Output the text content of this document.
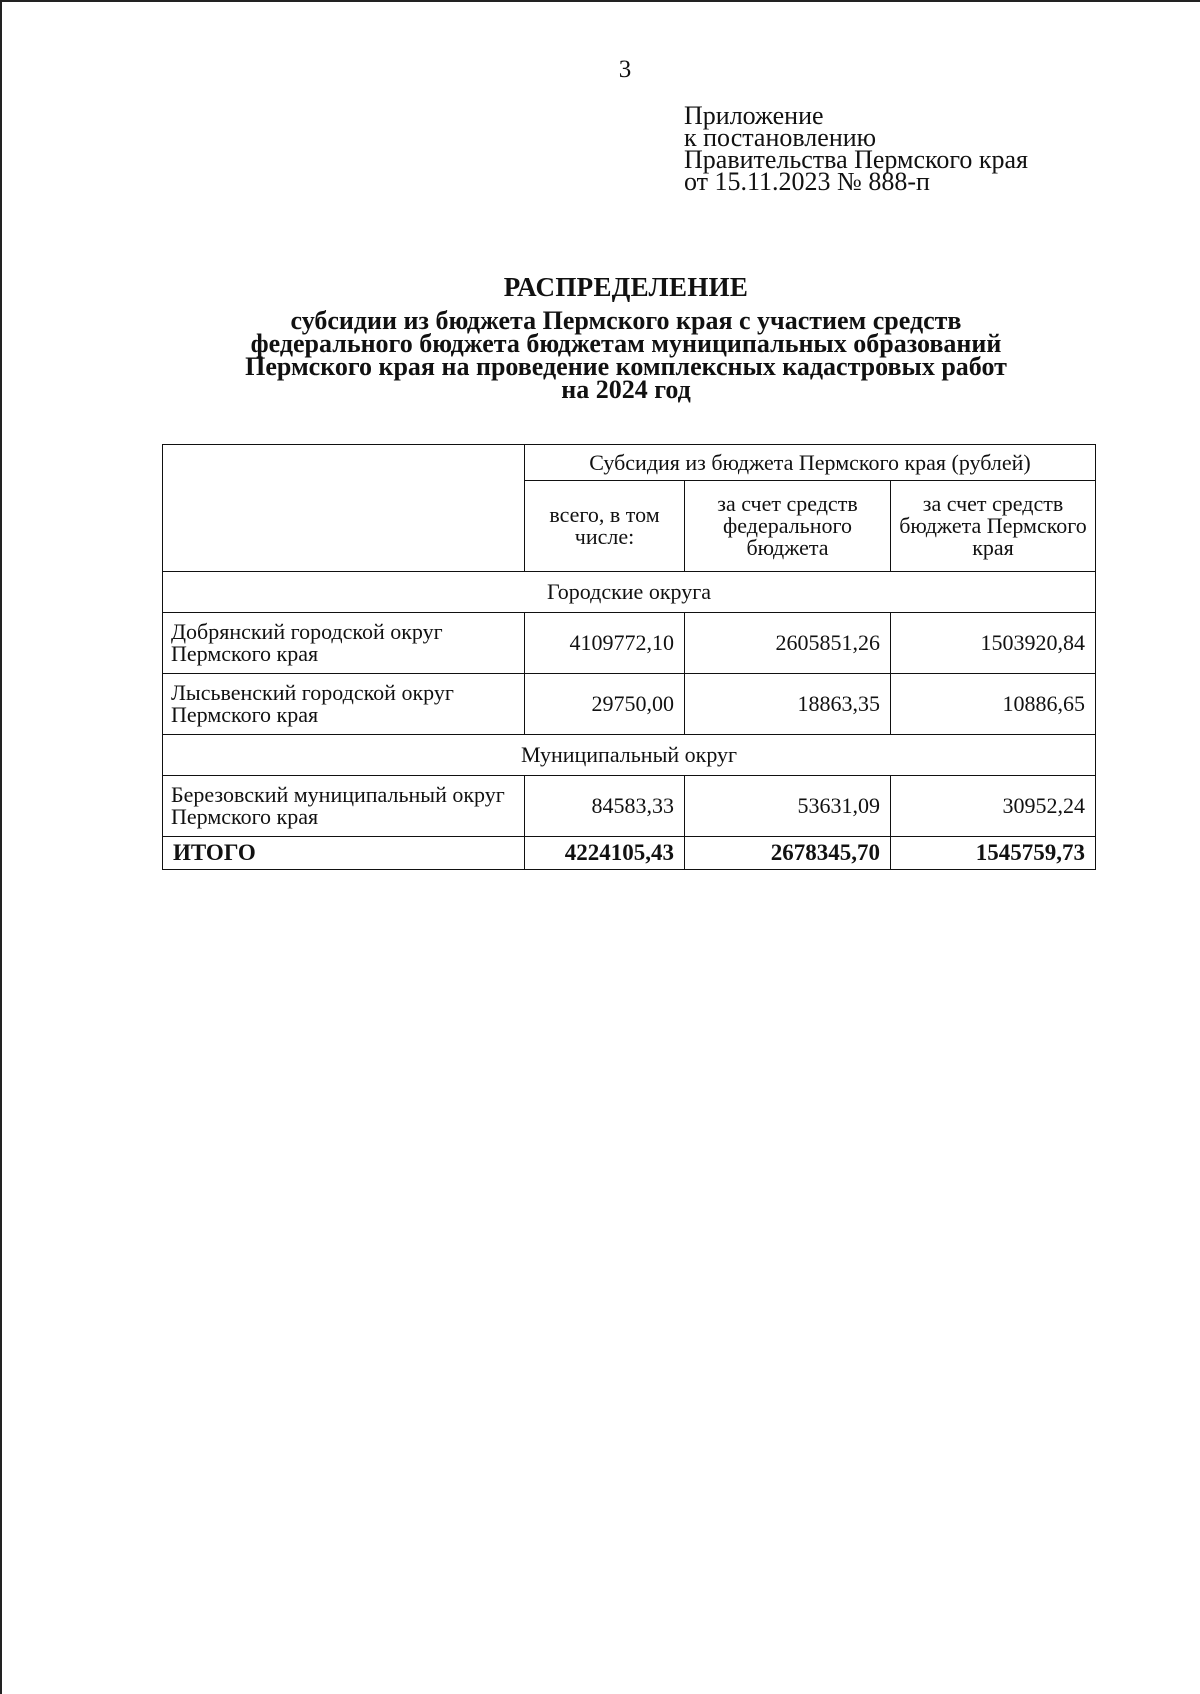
3
Приложение
к постановлению
Правительства Пермского края
от 15.11.2023 № 888-п
РАСПРЕДЕЛЕНИЕ
субсидии из бюджета Пермского края с участием средств
федерального бюджета бюджетам муниципальных образований
Пермского края на проведение комплексных кадастровых работ
на 2024 год
	Субсидия из бюджета Пермского края (рублей)		
	всего, в том числе:	за счет средств федерального бюджета	за счет средств бюджета Пермского края
Городские округа			
Добрянский городской округ Пермского края	4109772,10	2605851,26	1503920,84
Лысьвенский городской округ Пермского края	29750,00	18863,35	10886,65
Муниципальный округ			
Березовский муниципальный округ Пермского края	84583,33	53631,09	30952,24
ИТОГО	4224105,43	2678345,70	1545759,73
